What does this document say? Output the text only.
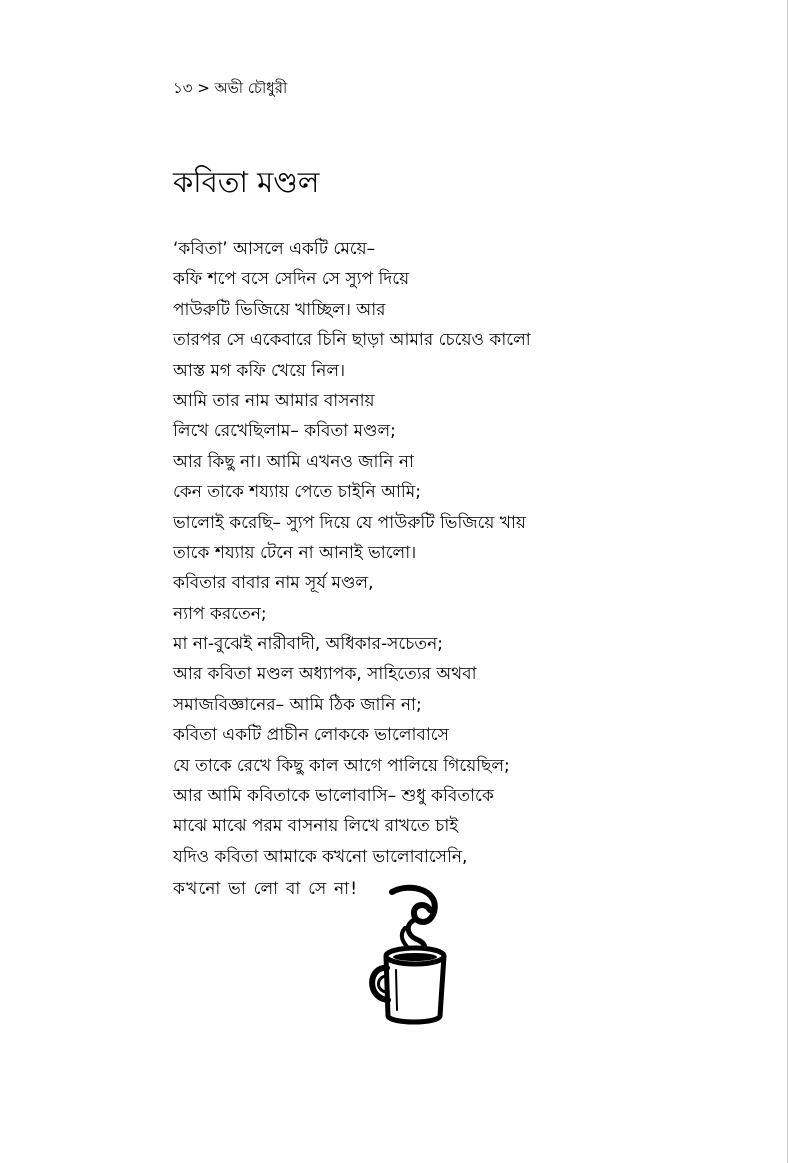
১৩ > অভী চৌধুরী
কবিতা মণ্ডল
‘কবিতা’ আসলে একটি মেয়ে–
কফি শপে বসে সেদিন সে স্যুপ দিয়ে
পাউরুটি ভিজিয়ে খাচ্ছিল। আর
তারপর সে একেবারে চিনি ছাড়া আমার চেয়েও কালো
আস্ত মগ কফি খেয়ে নিল।
আমি তার নাম আমার বাসনায়
লিখে রেখেছিলাম– কবিতা মণ্ডল;
আর কিছু না। আমি এখনও জানি না
কেন তাকে শয্যায় পেতে চাইনি আমি;
ভালোই করেছি– স্যুপ দিয়ে যে পাউরুটি ভিজিয়ে খায়
তাকে শয্যায় টেনে না আনাই ভালো।
কবিতার বাবার নাম সূর্য মণ্ডল,
ন্যাপ করতেন;
মা না-বুঝেই নারীবাদী, অধিকার-সচেতন;
আর কবিতা মণ্ডল অধ্যাপক, সাহিত্যের অথবা
সমাজবিজ্ঞানের– আমি ঠিক জানি না;
কবিতা একটি প্রাচীন লোককে ভালোবাসে
যে তাকে রেখে কিছু কাল আগে পালিয়ে গিয়েছিল;
আর আমি কবিতাকে ভালোবাসি– শুধু কবিতাকে
মাঝে মাঝে পরম বাসনায় লিখে রাখতে চাই
যদিও কবিতা আমাকে কখনো ভালোবাসেনি,
কখনো ভা লো বা সে না!
